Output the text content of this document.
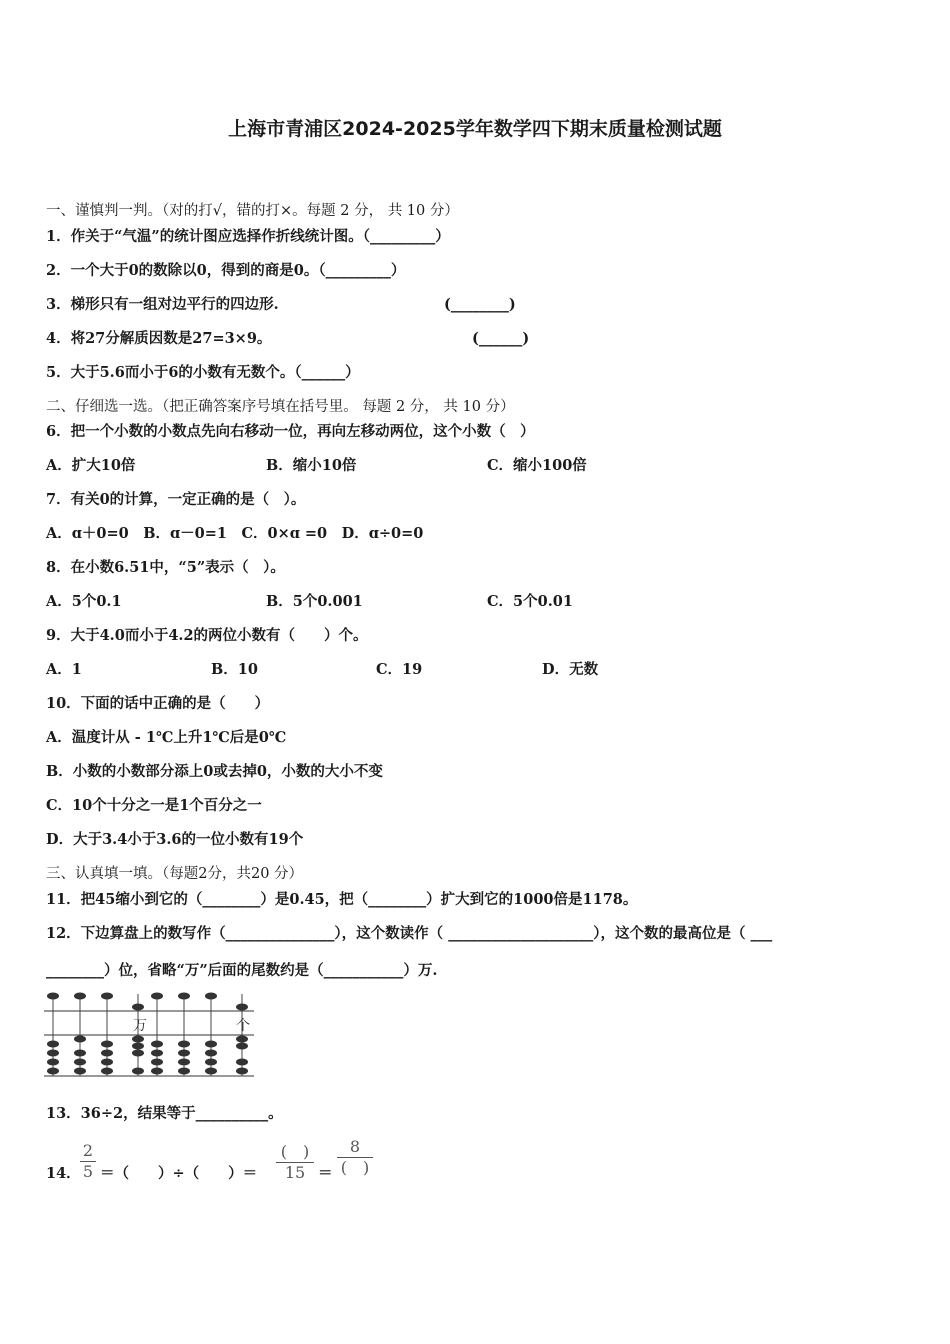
上海市青浦区2024-2025学年数学四下期末质量检测试题
一、谨慎判一判。（对的打√，错的打×。每题 2 分， 共 10 分）
1．作关于“气温”的统计图应选择作折线统计图。（_________）
2．一个大于0的数除以0，得到的商是0。（_________）
3．梯形只有一组对边平行的四边形.	(________)
4．将27分解质因数是27=3×9。	(______)
5．大于5.6而小于6的小数有无数个。（______）
二、仔细选一选。（把正确答案序号填在括号里。 每题 2 分， 共 10 分）
6．把一个小数的小数点先向右移动一位，再向左移动两位，这个小数（　）
A．扩大10倍	B．缩小10倍	C．缩小100倍
7．有关0的计算，一定正确的是（　）。
A．ɑ＋0=0　B．ɑ－0=1　C．0×ɑ =0　D．ɑ÷0=0
8．在小数6.51中，“5”表示（　）。
A．5个0.1	B．5个0.001	C．5个0.01
9．大于4.0而小于4.2的两位小数有（　　）个。
A．1	B．10	C．19	D．无数
10．下面的话中正确的是（　　）
A．温度计从 - 1℃上升1℃后是0℃
B．小数的小数部分添上0或去掉0，小数的大小不变
C．10个十分之一是1个百分之一
D．大于3.4小于3.6的一位小数有19个
三、认真填一填。（每题2分，共20 分）
11．把45缩小到它的（________）是0.45，把（________）扩大到它的1000倍是1178。
12．下边算盘上的数写作（_______________），这个数读作（ ____________________），这个数的最高位是（ ___
________）位，省略“万”后面的尾数约是（___________）万.
万	个
13．36÷2，结果等于__________。
14．
2
5 ＝（　　）÷（　　）＝
(　)
15 ＝
8
(　)
